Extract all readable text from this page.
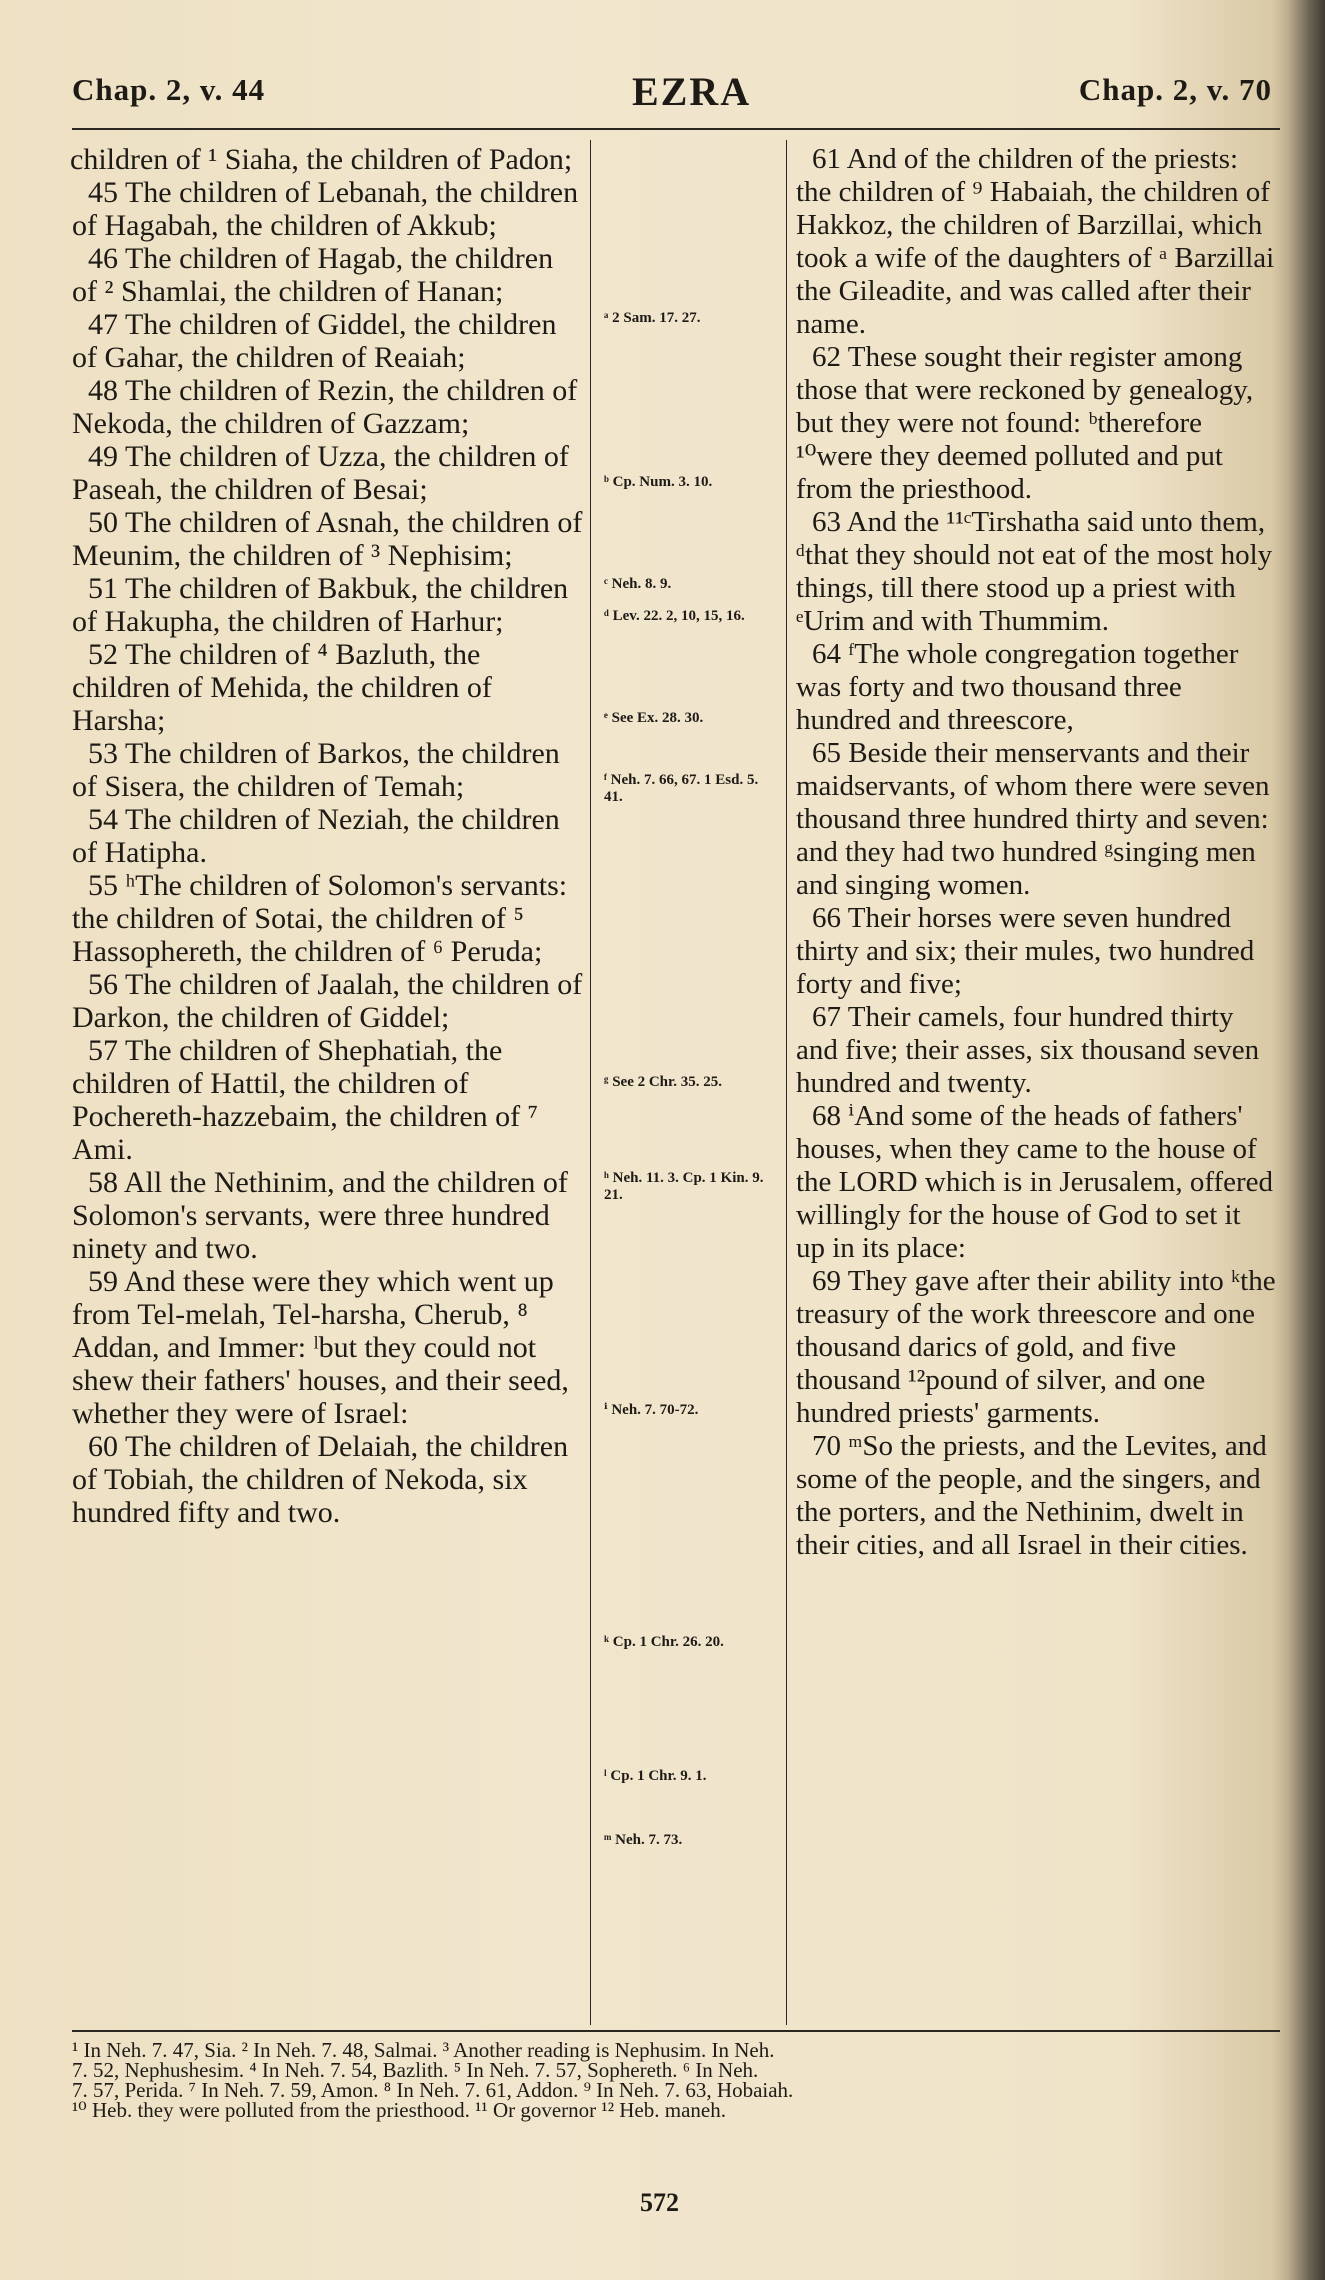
Chap. 2, v. 44	EZRA	Chap. 2, v. 70

children of ¹ Siaha, the children of Padon;

45 The children of Lebanah, the children of Hagabah, the children of Akkub;

46 The children of Hagab, the children of ² Shamlai, the children of Hanan;

47 The children of Giddel, the children of Gahar, the children of Reaiah;

48 The children of Rezin, the children of Nekoda, the children of Gazzam;

49 The children of Uzza, the children of Paseah, the children of Besai;

50 The children of Asnah, the children of Meunim, the children of ³ Nephisim;

51 The children of Bakbuk, the children of Hakupha, the children of Harhur;

52 The children of ⁴ Bazluth, the children of Mehida, the children of Harsha;

53 The children of Barkos, the children of Sisera, the children of Temah;

54 The children of Neziah, the children of Hatipha.

55 ʰThe children of Solomon's servants: the children of Sotai, the children of ⁵ Hassophereth, the children of ⁶ Peruda;

56 The children of Jaalah, the children of Darkon, the children of Giddel;

57 The children of Shephatiah, the children of Hattil, the children of Pochereth-hazzebaim, the children of ⁷ Ami.

58 All the Nethinim, and the children of Solomon's servants, were three hundred ninety and two.

59 And these were they which went up from Tel-melah, Tel-harsha, Cherub, ⁸ Addan, and Immer: ˡbut they could not shew their fathers' houses, and their seed, whether they were of Israel:

60 The children of Delaiah, the children of Tobiah, the children of Nekoda, six hundred fifty and two.

ᵃ 2 Sam. 17. 27.
ᵇ Cp. Num. 3. 10.
ᶜ Neh. 8. 9.
ᵈ Lev. 22. 2, 10, 15, 16.
ᵉ See Ex. 28. 30.
ᶠ Neh. 7. 66, 67. 1 Esd. 5. 41.
ᵍ See 2 Chr. 35. 25.
ʰ Neh. 11. 3. Cp. 1 Kin. 9. 21.
ⁱ Neh. 7. 70-72.
ᵏ Cp. 1 Chr. 26. 20.
ˡ Cp. 1 Chr. 9. 1.
ᵐ Neh. 7. 73.

61 And of the children of the priests: the children of ⁹ Habaiah, the children of Hakkoz, the children of Barzillai, which took a wife of the daughters of ᵃ Barzillai the Gileadite, and was called after their name.

62 These sought their register among those that were reckoned by genealogy, but they were not found: ᵇtherefore ¹⁰were they deemed polluted and put from the priesthood.

63 And the ¹¹ᶜTirshatha said unto them, ᵈthat they should not eat of the most holy things, till there stood up a priest with ᵉUrim and with Thummim.

64 ᶠThe whole congregation together was forty and two thousand three hundred and threescore,

65 Beside their menservants and their maidservants, of whom there were seven thousand three hundred thirty and seven: and they had two hundred ᵍsinging men and singing women.

66 Their horses were seven hundred thirty and six; their mules, two hundred forty and five;

67 Their camels, four hundred thirty and five; their asses, six thousand seven hundred and twenty.

68 ⁱAnd some of the heads of fathers' houses, when they came to the house of the LORD which is in Jerusalem, offered willingly for the house of God to set it up in its place:

69 They gave after their ability into ᵏthe treasury of the work threescore and one thousand darics of gold, and five thousand ¹²pound of silver, and one hundred priests' garments.

70 ᵐSo the priests, and the Levites, and some of the people, and the singers, and the porters, and the Nethinim, dwelt in their cities, and all Israel in their cities.

¹ In Neh. 7. 47, Sia. ² In Neh. 7. 48, Salmai. ³ Another reading is Nephusim. In Neh.
7. 52, Nephushesim. ⁴ In Neh. 7. 54, Bazlith. ⁵ In Neh. 7. 57, Sophereth. ⁶ In Neh.
7. 57, Perida. ⁷ In Neh. 7. 59, Amon. ⁸ In Neh. 7. 61, Addon. ⁹ In Neh. 7. 63, Hobaiah.
¹⁰ Heb. they were polluted from the priesthood. ¹¹ Or governor ¹² Heb. maneh.
572
